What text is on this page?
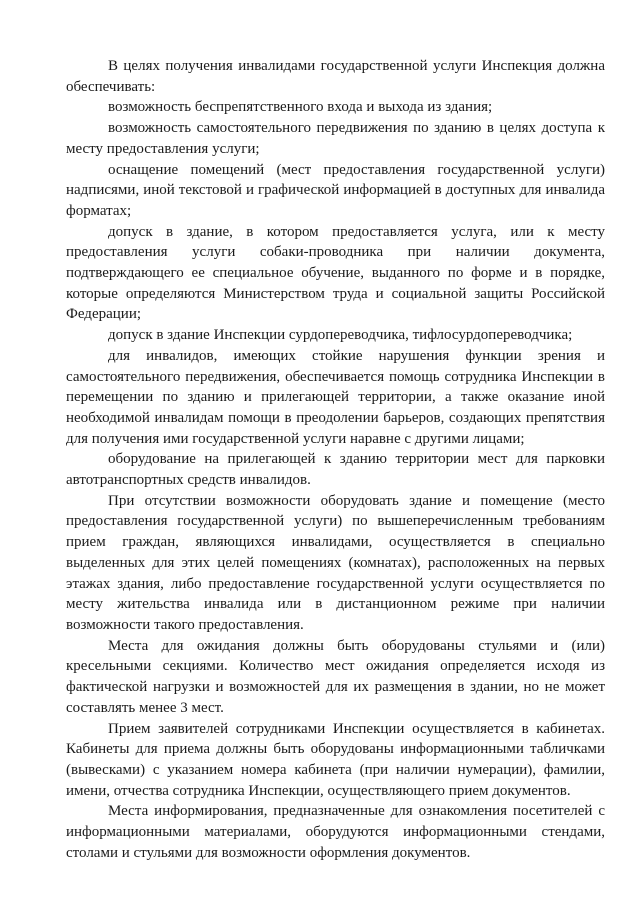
В целях получения инвалидами государственной услуги Инспекция должна обеспечивать:

возможность беспрепятственного входа и выхода из здания;

возможность самостоятельного передвижения по зданию в целях доступа к месту предоставления услуги;

оснащение помещений (мест предоставления государственной услуги) надписями, иной текстовой и графической информацией в доступных для инвалида форматах;

допуск в здание, в котором предоставляется услуга, или к месту предоставления услуги собаки-проводника при наличии документа, подтверждающего ее специальное обучение, выданного по форме и в порядке, которые определяются Министерством труда и социальной защиты Российской Федерации;

допуск в здание Инспекции сурдопереводчика, тифлосурдопереводчика;

для инвалидов, имеющих стойкие нарушения функции зрения и самостоятельного передвижения, обеспечивается помощь сотрудника Инспекции в перемещении по зданию и прилегающей территории, а также оказание иной необходимой инвалидам помощи в преодолении барьеров, создающих препятствия для получения ими государственной услуги наравне с другими лицами;

оборудование на прилегающей к зданию территории мест для парковки автотранспортных средств инвалидов.

При отсутствии возможности оборудовать здание и помещение (место предоставления государственной услуги) по вышеперечисленным требованиям прием граждан, являющихся инвалидами, осуществляется в специально выделенных для этих целей помещениях (комнатах), расположенных на первых этажах здания, либо предоставление государственной услуги осуществляется по месту жительства инвалида или в дистанционном режиме при наличии возможности такого предоставления.

Места для ожидания должны быть оборудованы стульями и (или) кресельными секциями. Количество мест ожидания определяется исходя из фактической нагрузки и возможностей для их размещения в здании, но не может составлять менее 3 мест.

Прием заявителей сотрудниками Инспекции осуществляется в кабинетах. Кабинеты для приема должны быть оборудованы информационными табличками (вывесками) с указанием номера кабинета (при наличии нумерации), фамилии, имени, отчества сотрудника Инспекции, осуществляющего прием документов.

Места информирования, предназначенные для ознакомления посетителей с информационными материалами, оборудуются информационными стендами, столами и стульями для возможности оформления документов.
